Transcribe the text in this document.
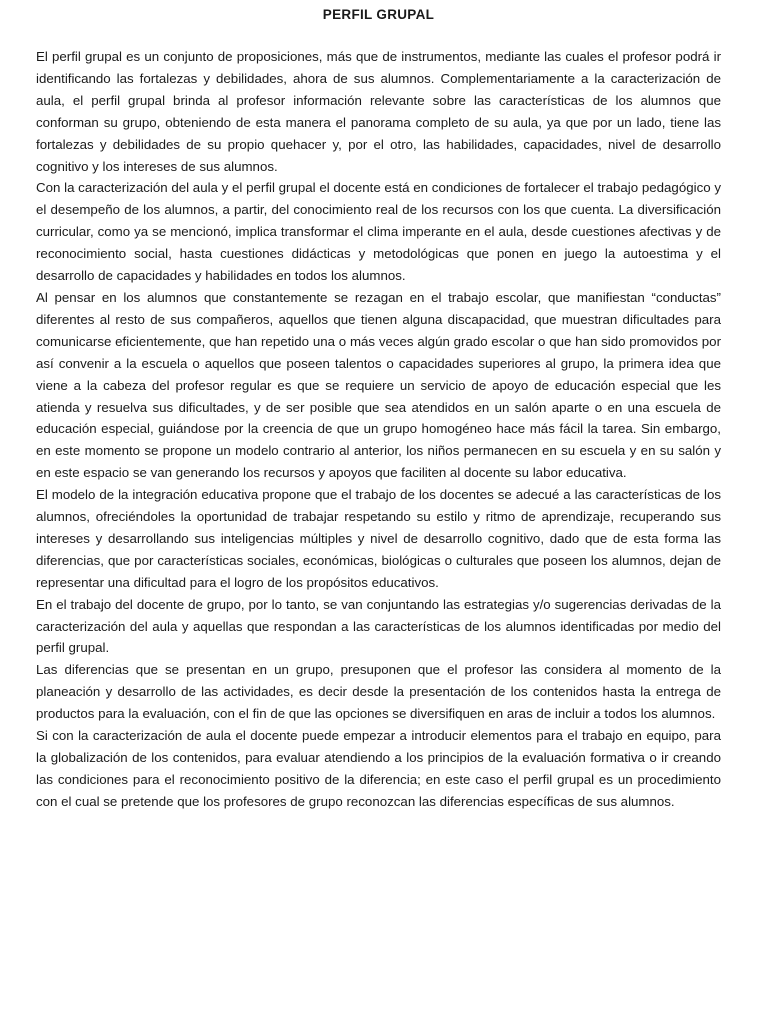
PERFIL GRUPAL

El perfil grupal es un conjunto de proposiciones, más que de instrumentos, mediante las cuales el profesor podrá ir identificando las fortalezas y debilidades, ahora de sus alumnos. Complementariamente a la caracterización de aula, el perfil grupal brinda al profesor información relevante sobre las características de los alumnos que conforman su grupo, obteniendo de esta manera el panorama completo de su aula, ya que por un lado, tiene las fortalezas y debilidades de su propio quehacer y, por el otro, las habilidades, capacidades, nivel de desarrollo cognitivo y los intereses de sus alumnos.

Con la caracterización del aula y el perfil grupal el docente está en condiciones de fortalecer el trabajo pedagógico y el desempeño de los alumnos, a partir, del conocimiento real de los recursos con los que cuenta. La diversificación curricular, como ya se mencionó, implica transformar el clima imperante en el aula, desde cuestiones afectivas y de reconocimiento social, hasta cuestiones didácticas y metodológicas que ponen en juego la autoestima y el desarrollo de capacidades y habilidades en todos los alumnos.

Al pensar en los alumnos que constantemente se rezagan en el trabajo escolar, que manifiestan “conductas” diferentes al resto de sus compañeros, aquellos que tienen alguna discapacidad, que muestran dificultades para comunicarse eficientemente, que han repetido una o más veces algún grado escolar o que han sido promovidos por así convenir a la escuela o aquellos que poseen talentos o capacidades superiores al grupo, la primera idea que viene a la cabeza del profesor regular es que se requiere un servicio de apoyo de educación especial que les atienda y resuelva sus dificultades, y de ser posible que sea atendidos en un salón aparte o en una escuela de educación especial, guiándose por la creencia de que un grupo homogéneo hace más fácil la tarea. Sin embargo, en este momento se propone un modelo contrario al anterior, los niños permanecen en su escuela y en su salón y en este espacio se van generando los recursos y apoyos que faciliten al docente su labor educativa.

El modelo de la integración educativa propone que el trabajo de los docentes se adecué a las características de los alumnos, ofreciéndoles la oportunidad de trabajar respetando su estilo y ritmo de aprendizaje, recuperando sus intereses y desarrollando sus inteligencias múltiples y nivel de desarrollo cognitivo, dado que de esta forma las diferencias, que por características sociales, económicas, biológicas o culturales que poseen los alumnos, dejan de representar una dificultad para el logro de los propósitos educativos.

En el trabajo del docente de grupo, por lo tanto, se van conjuntando las estrategias y/o sugerencias derivadas de la caracterización del aula y aquellas que respondan a las características de los alumnos identificadas por medio del perfil grupal.

Las diferencias que se presentan en un grupo, presuponen que el profesor las considera al momento de la planeación y desarrollo de las actividades, es decir desde la presentación de los contenidos hasta la entrega de productos para la evaluación, con el fin de que las opciones se diversifiquen en aras de incluir a todos los alumnos.

Si con la caracterización de aula el docente puede empezar a introducir elementos para el trabajo en equipo, para la globalización de los contenidos, para evaluar atendiendo a los principios de la evaluación formativa o ir creando las condiciones para el reconocimiento positivo de la diferencia; en este caso el perfil grupal es un procedimiento con el cual se pretende que los profesores de grupo reconozcan las diferencias específicas de sus alumnos.
